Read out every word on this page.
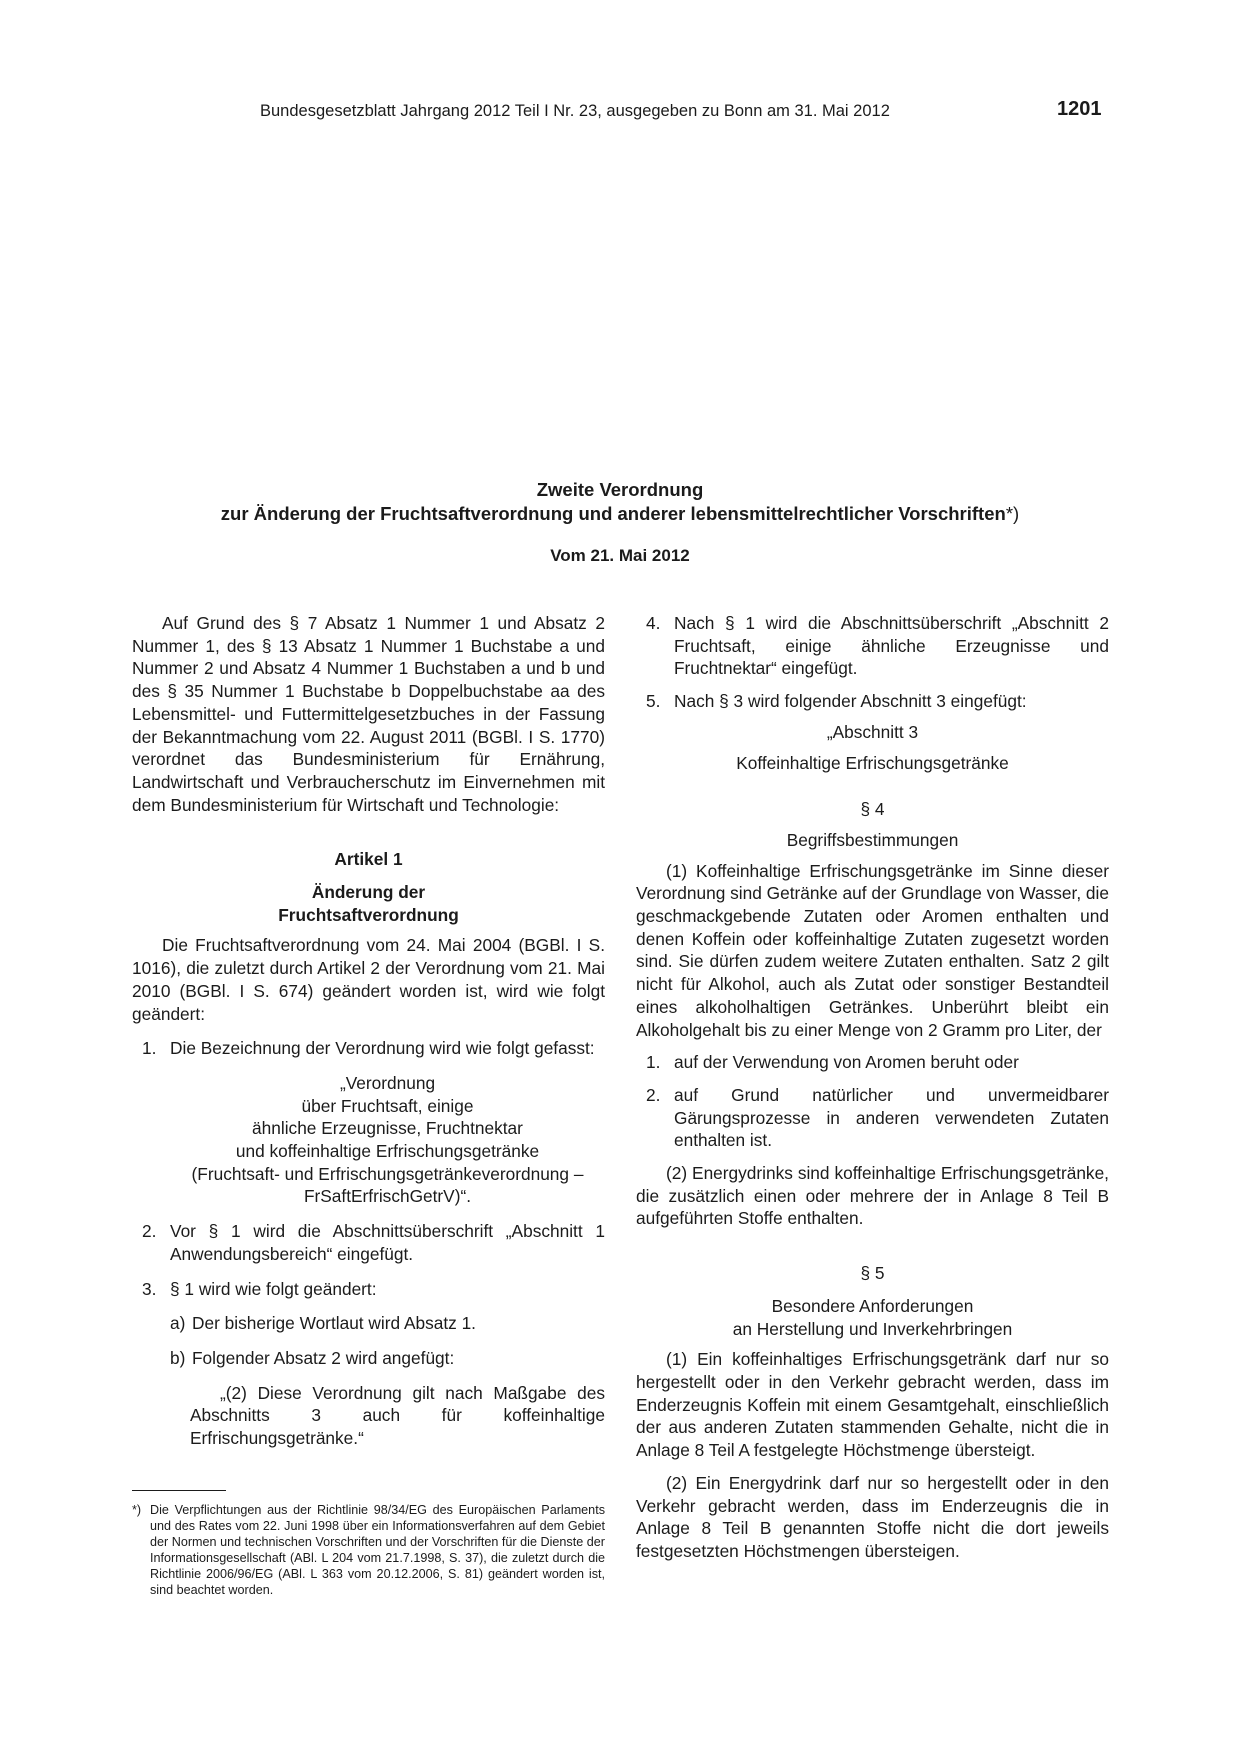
Bundesgesetzblatt Jahrgang 2012 Teil I Nr. 23, ausgegeben zu Bonn am 31. Mai 2012	1201
Zweite Verordnung
zur Änderung der Fruchtsaftverordnung und anderer lebensmittelrechtlicher Vorschriften*)
Vom 21. Mai 2012

Auf Grund des § 7 Absatz 1 Nummer 1 und Absatz 2 Nummer 1, des § 13 Absatz 1 Nummer 1 Buchstabe a und Nummer 2 und Absatz 4 Nummer 1 Buchstaben a und b und des § 35 Nummer 1 Buchstabe b Doppelbuchstabe aa des Lebensmittel- und Futtermittelgesetzbuches in der Fassung der Bekanntmachung vom 22. August 2011 (BGBl. I S. 1770) verordnet das Bundesministerium für Ernährung, Landwirtschaft und Verbraucherschutz im Einvernehmen mit dem Bundesministerium für Wirtschaft und Technologie:

Artikel 1

Änderung der

Fruchtsaftverordnung

Die Fruchtsaftverordnung vom 24. Mai 2004 (BGBl. I S. 1016), die zuletzt durch Artikel 2 der Verordnung vom 21. Mai 2010 (BGBl. I S. 674) geändert worden ist, wird wie folgt geändert:

1. Die Bezeichnung der Verordnung wird wie folgt gefasst:
„Verordnung
über Fruchtsaft, einige
ähnliche Erzeugnisse, Fruchtnektar
und koffeinhaltige Erfrischungsgetränke
(Fruchtsaft- und Erfrischungsgetränkeverordnung –
FrSaftErfrischGetrV)“.
2. Vor § 1 wird die Abschnittsüberschrift „Abschnitt 1 Anwendungsbereich“ eingefügt.
3. § 1 wird wie folgt geändert:
a) Der bisherige Wortlaut wird Absatz 1.
b) Folgender Absatz 2 wird angefügt:

„(2) Diese Verordnung gilt nach Maßgabe des Abschnitts 3 auch für koffeinhaltige Erfrischungsgetränke.“

4. Nach § 1 wird die Abschnittsüberschrift „Abschnitt 2 Fruchtsaft, einige ähnliche Erzeugnisse und Fruchtnektar“ eingefügt.
5. Nach § 3 wird folgender Abschnitt 3 eingefügt:

„Abschnitt 3

Koffeinhaltige Erfrischungsgetränke

§ 4

Begriffsbestimmungen

(1) Koffeinhaltige Erfrischungsgetränke im Sinne dieser Verordnung sind Getränke auf der Grundlage von Wasser, die geschmackgebende Zutaten oder Aromen enthalten und denen Koffein oder koffeinhaltige Zutaten zugesetzt worden sind. Sie dürfen zudem weitere Zutaten enthalten. Satz 2 gilt nicht für Alkohol, auch als Zutat oder sonstiger Bestandteil eines alkoholhaltigen Getränkes. Unberührt bleibt ein Alkoholgehalt bis zu einer Menge von 2 Gramm pro Liter, der

1. auf der Verwendung von Aromen beruht oder
2. auf Grund natürlicher und unvermeidbarer Gärungsprozesse in anderen verwendeten Zutaten enthalten ist.

(2) Energydrinks sind koffeinhaltige Erfrischungsgetränke, die zusätzlich einen oder mehrere der in Anlage 8 Teil B aufgeführten Stoffe enthalten.

§ 5

Besondere Anforderungen

an Herstellung und Inverkehrbringen

(1) Ein koffeinhaltiges Erfrischungsgetränk darf nur so hergestellt oder in den Verkehr gebracht werden, dass im Enderzeugnis Koffein mit einem Gesamtgehalt, einschließlich der aus anderen Zutaten stammenden Gehalte, nicht die in Anlage 8 Teil A festgelegte Höchstmenge übersteigt.

(2) Ein Energydrink darf nur so hergestellt oder in den Verkehr gebracht werden, dass im Enderzeugnis die in Anlage 8 Teil B genannten Stoffe nicht die dort jeweils festgesetzten Höchstmengen übersteigen.

*) Die Verpflichtungen aus der Richtlinie 98/34/EG des Europäischen Parlaments und des Rates vom 22. Juni 1998 über ein Informationsverfahren auf dem Gebiet der Normen und technischen Vorschriften und der Vorschriften für die Dienste der Informationsgesellschaft (ABl. L 204 vom 21.7.1998, S. 37), die zuletzt durch die Richtlinie 2006/96/EG (ABl. L 363 vom 20.12.2006, S. 81) geändert worden ist, sind beachtet worden.
